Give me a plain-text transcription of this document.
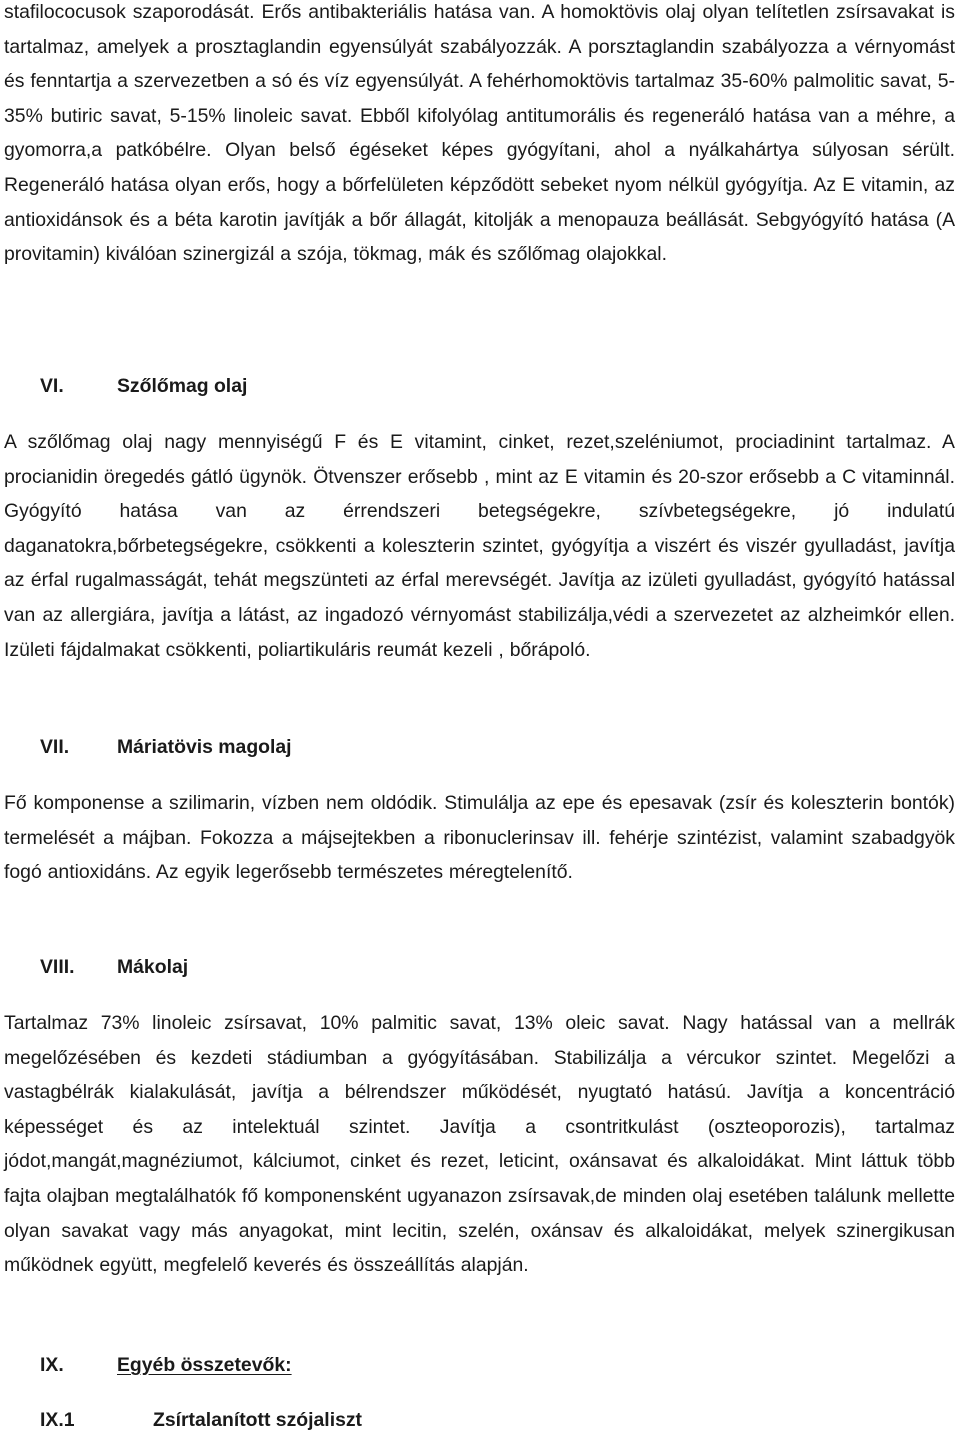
stafilococusok szaporodását. Erős antibakteriális hatása van. A homoktövis olaj olyan telítetlen zsírsavakat is tartalmaz, amelyek a prosztaglandin egyensúlyát szabályozzák. A porsztaglandin szabályozza a vérnyomást és fenntartja a szervezetben a só és víz egyensúlyát. A fehérhomoktövis tartalmaz 35-60% palmolitic savat, 5-35% butiric savat, 5-15% linoleic savat. Ebből kifolyólag antitumorális és regeneráló hatása van a méhre, a gyomorra,a patkóbélre. Olyan belső égéseket képes gyógyítani, ahol a nyálkahártya súlyosan sérült. Regeneráló hatása olyan erős, hogy a bőrfelületen képződött sebeket nyom nélkül gyógyítja. Az E vitamin, az antioxidánsok és a béta karotin javítják a bőr állagát, kitolják a menopauza beállását. Sebgyógyító hatása (A provitamin) kiválóan szinergizál a szója, tökmag, mák és szőlőmag olajokkal.

VI.	Szőlőmag olaj

A szőlőmag olaj nagy mennyiségű F és E vitamint, cinket, rezet,szeléniumot, prociadinint tartalmaz. A procianidin öregedés gátló ügynök. Ötvenszer erősebb , mint az E vitamin és 20-szor erősebb a C vitaminnál. Gyógyító hatása van az érrendszeri betegségekre, szívbetegségekre, jó indulatú daganatokra,bőrbetegségekre, csökkenti a koleszterin szintet, gyógyítja a viszért és viszér gyulladást, javítja az érfal rugalmasságát, tehát megszünteti az érfal merevségét. Javítja az izületi gyulladást, gyógyító hatással van az allergiára, javítja a látást, az ingadozó vérnyomást stabilizálja,védi a szervezetet az alzheimkór ellen. Izületi fájdalmakat csökkenti, poliartikuláris reumát kezeli , bőrápoló.

VII.	Máriatövis magolaj

Fő komponense a szilimarin, vízben nem oldódik. Stimulálja az epe és epesavak (zsír és koleszterin bontók) termelését a májban. Fokozza a májsejtekben a ribonuclerinsav ill. fehérje szintézist, valamint szabadgyök fogó antioxidáns. Az egyik legerősebb természetes méregtelenítő.

VIII.	Mákolaj

Tartalmaz 73% linoleic zsírsavat, 10% palmitic savat, 13% oleic savat. Nagy hatással van a mellrák megelőzésében és kezdeti stádiumban a gyógyításában. Stabilizálja a vércukor szintet. Megelőzi a vastagbélrák kialakulását, javítja a bélrendszer működését, nyugtató hatású. Javítja a koncentráció képességet és az intelektuál szintet. Javítja a csontritkulást (oszteoporozis), tartalmaz jódot,mangát,magnéziumot, kálciumot, cinket és rezet, leticint, oxánsavat és alkaloidákat. Mint láttuk több fajta olajban megtalálhatók fő komponensként ugyanazon zsírsavak,de minden olaj esetében találunk mellette olyan savakat vagy más anyagokat, mint lecitin, szelén, oxánsav és alkaloidákat, melyek szinergikusan működnek együtt, megfelelő keverés és összeállítás alapján.

IX.	Egyéb összetevők:
IX.1	Zsírtalanított szójaliszt
